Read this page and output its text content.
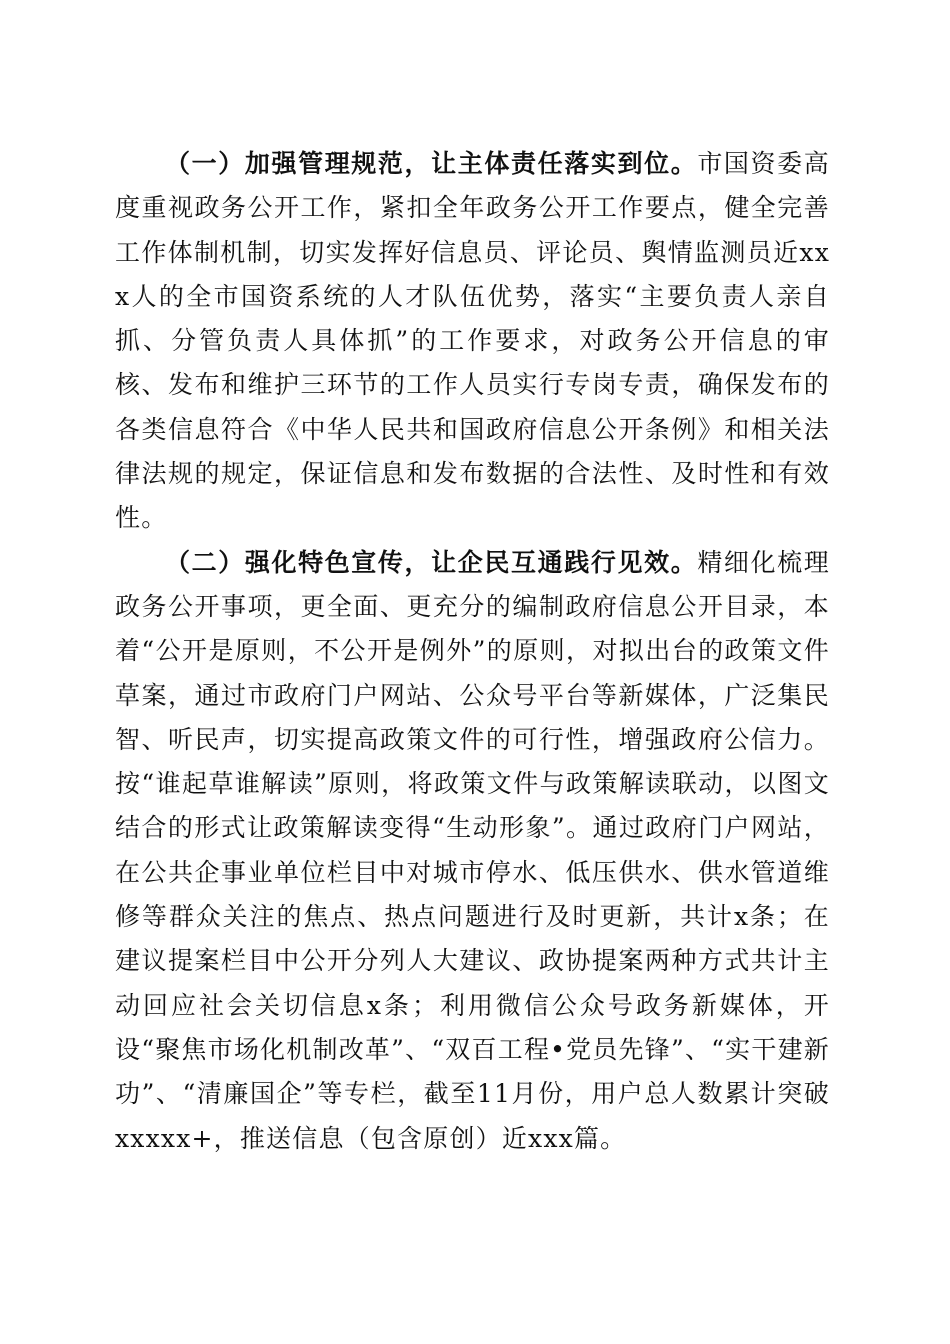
（一）加强管理规范，让主体责任落实到位。市国资委高度重视政务公开工作，紧扣全年政务公开工作要点，健全完善工作体制机制，切实发挥好信息员、评论员、舆情监测员近xxx人的全市国资系统的人才队伍优势，落实“主要负责人亲自抓、分管负责人具体抓”的工作要求，对政务公开信息的审核、发布和维护三环节的工作人员实行专岗专责，确保发布的各类信息符合《中华人民共和国政府信息公开条例》和相关法律法规的规定，保证信息和发布数据的合法性、及时性和有效性。

（二）强化特色宣传，让企民互通践行见效。精细化梳理政务公开事项，更全面、更充分的编制政府信息公开目录，本着“公开是原则，不公开是例外”的原则，对拟出台的政策文件草案，通过市政府门户网站、公众号平台等新媒体，广泛集民智、听民声，切实提高政策文件的可行性，增强政府公信力。按“谁起草谁解读”原则，将政策文件与政策解读联动，以图文结合的形式让政策解读变得“生动形象”。通过政府门户网站，在公共企事业单位栏目中对城市停水、低压供水、供水管道维修等群众关注的焦点、热点问题进行及时更新，共计x条；在建议提案栏目中公开分列人大建议、政协提案两种方式共计主动回应社会关切信息x条；利用微信公众号政务新媒体，开设“聚焦市场化机制改革”、“双百工程•党员先锋”、“实干建新功”、“清廉国企”等专栏，截至11月份，用户总人数累计突破xxxxx+，推送信息（包含原创）近xxx篇。
